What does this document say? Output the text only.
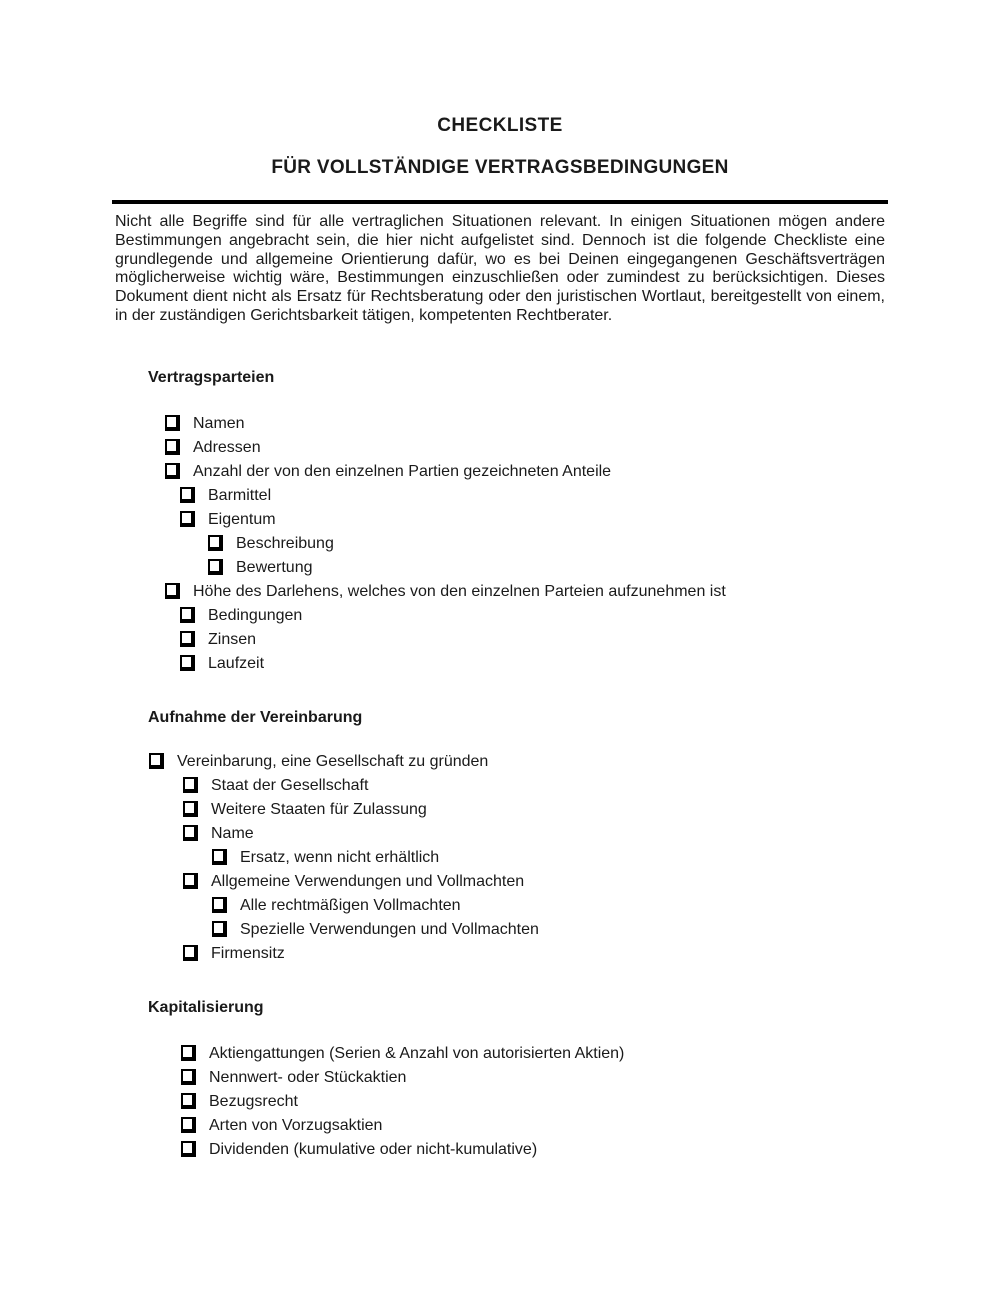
CHECKLISTE
FÜR VOLLSTÄNDIGE VERTRAGSBEDINGUNGEN
Nicht alle Begriffe sind für alle vertraglichen Situationen relevant. In einigen Situationen mögen andere Bestimmungen angebracht sein, die hier nicht aufgelistet sind. Dennoch ist die folgende Checkliste eine grundlegende und allgemeine Orientierung dafür, wo es bei Deinen eingegangenen Geschäftsverträgen möglicherweise wichtig wäre, Bestimmungen einzuschließen oder zumindest zu berücksichtigen. Dieses Dokument dient nicht als Ersatz für Rechtsberatung oder den juristischen Wortlaut, bereitgestellt von einem, in der zuständigen Gerichtsbarkeit tätigen, kompetenten Rechtberater.
Vertragsparteien
Namen
Adressen
Anzahl der von den einzelnen Partien gezeichneten Anteile
Barmittel
Eigentum
Beschreibung
Bewertung
Höhe des Darlehens, welches von den einzelnen Parteien aufzunehmen ist
Bedingungen
Zinsen
Laufzeit
Aufnahme der Vereinbarung
Vereinbarung, eine Gesellschaft zu gründen
Staat der Gesellschaft
Weitere Staaten für Zulassung
Name
Ersatz, wenn nicht erhältlich
Allgemeine Verwendungen und Vollmachten
Alle rechtmäßigen Vollmachten
Spezielle Verwendungen und Vollmachten
Firmensitz
Kapitalisierung
Aktiengattungen (Serien & Anzahl von autorisierten Aktien)
Nennwert- oder Stückaktien
Bezugsrecht
Arten von Vorzugsaktien
Dividenden (kumulative oder nicht-kumulative)
